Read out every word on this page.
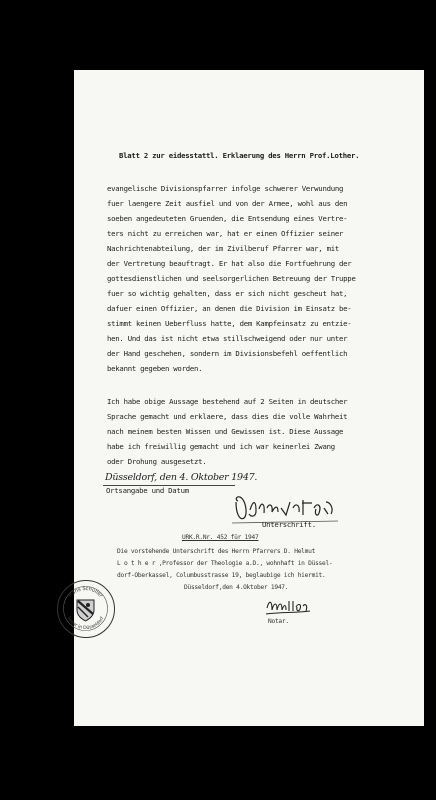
Blatt 2 zur eidesstattl. Erklaerung des Herrn Prof.Lother.
evangelische Divisionspfarrer infolge schwerer Verwundung
fuer laengere Zeit ausfiel und von der Armee, wohl aus den
soeben angedeuteten Gruenden, die Entsendung eines Vertre-
ters nicht zu erreichen war, hat er einen Offizier seiner
Nachrichtenabteilung, der im Zivilberuf Pfarrer war, mit
der Vertretung beauftragt. Er hat also die Fortfuehrung der
gottesdienstlichen und seelsorgerlichen Betreuung der Truppe
fuer so wichtig gehalten, dass er sich nicht gescheut hat,
dafuer einen Offizier, an denen die Division im Einsatz be-
stimmt keinen Ueberfluss hatte, dem Kampfeinsatz zu entzie-
hen. Und das ist nicht etwa stillschweigend oder nur unter
der Hand geschehen, sondern im Divisionsbefehl oeffentlich
bekannt gegeben worden.
Ich habe obige Aussage bestehend auf 2 Seiten in deutscher
Sprache gemacht und erklaere, dass dies die volle Wahrheit
nach meinem besten Wissen und Gewissen ist. Diese Aussage
habe ich freiwillig gemacht und ich war keinerlei Zwang
oder Drohung ausgesetzt.
Düsseldorf, den 4. Oktober 1947.
Ortsangabe und Datum
Unterschrift.
URK.R.Nr. 452 für 1947
Die vorstehende Unterschrift des Herrn Pfarrers D. Helmut
L o t h e r ,Professor der Theologie a.D., wohnhaft in Düssel-
dorf-Oberkassel, Columbusstrasse 19, beglaubige ich hiermit.
Düsseldorf,den 4.Oktober 1947.
Notar.
Hans Schüller
Notar in Düsseldorf
